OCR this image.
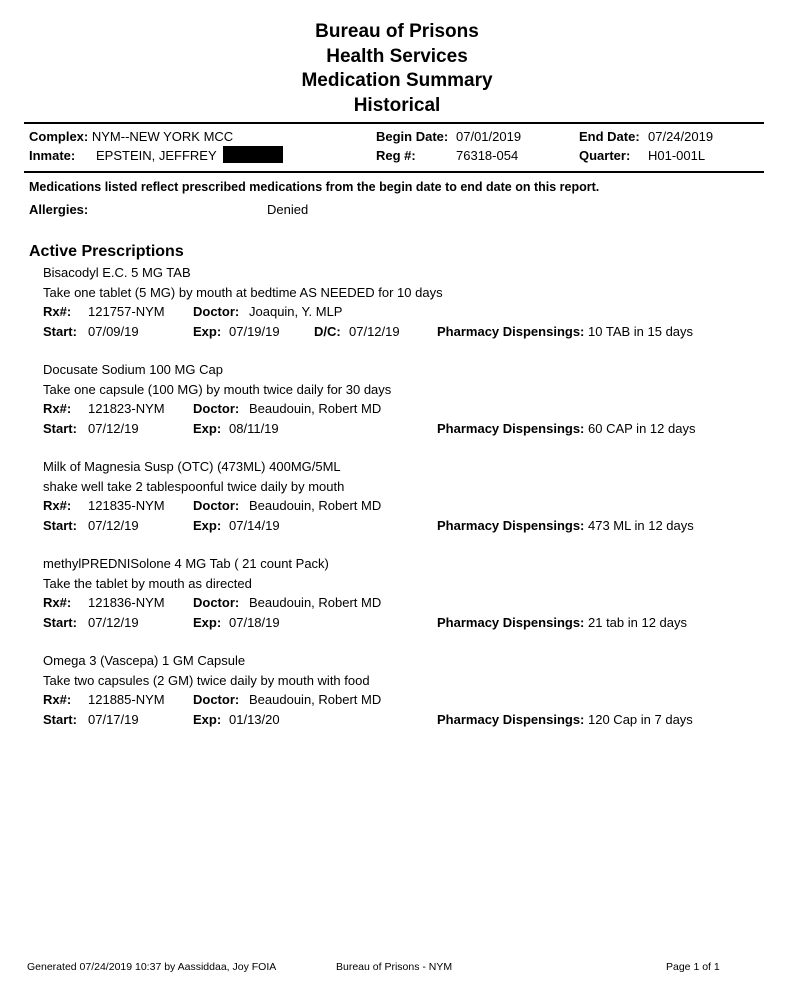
Bureau of Prisons
Health Services
Medication Summary
Historical
Complex: NYM--NEW YORK MCC
Inmate: EPSTEIN, JEFFREY
Begin Date: 07/01/2019
Reg #:	76318-054
End Date: 07/24/2019
Quarter: H01-001L
Medications listed reflect prescribed medications from the begin date to end date on this report.
Allergies:	Denied
Active Prescriptions
Bisacodyl E.C. 5 MG TAB
Take one tablet (5 MG) by mouth at bedtime AS NEEDED for 10 days
Rx#: 121757-NYM Doctor: Joaquin, Y. MLP
Start: 07/09/19	Exp: 07/19/19	D/C: 07/12/19	Pharmacy Dispensings: 10 TAB in 15 days
Docusate Sodium 100 MG Cap
Take one capsule (100 MG) by mouth twice daily for 30 days
Rx#: 121823-NYM Doctor: Beaudouin, Robert MD
Start: 07/12/19	Exp: 08/11/19	Pharmacy Dispensings: 60 CAP in 12 days
Milk of Magnesia Susp (OTC) (473ML) 400MG/5ML
shake well take 2 tablespoonful twice daily by mouth
Rx#: 121835-NYM Doctor: Beaudouin, Robert MD
Start: 07/12/19	Exp: 07/14/19	Pharmacy Dispensings: 473 ML in 12 days
methylPREDNISolone 4 MG Tab ( 21 count Pack)
Take the tablet by mouth as directed
Rx#: 121836-NYM Doctor: Beaudouin, Robert MD
Start: 07/12/19	Exp: 07/18/19	Pharmacy Dispensings: 21 tab in 12 days
Omega 3 (Vascepa) 1 GM Capsule
Take two capsules (2 GM) twice daily by mouth with food
Rx#: 121885-NYM Doctor: Beaudouin, Robert MD
Start: 07/17/19	Exp: 01/13/20	Pharmacy Dispensings: 120 Cap in 7 days
Generated 07/24/2019 10:37 by Aassiddaa, Joy FOIA	Bureau of Prisons - NYM	Page 1 of 1
